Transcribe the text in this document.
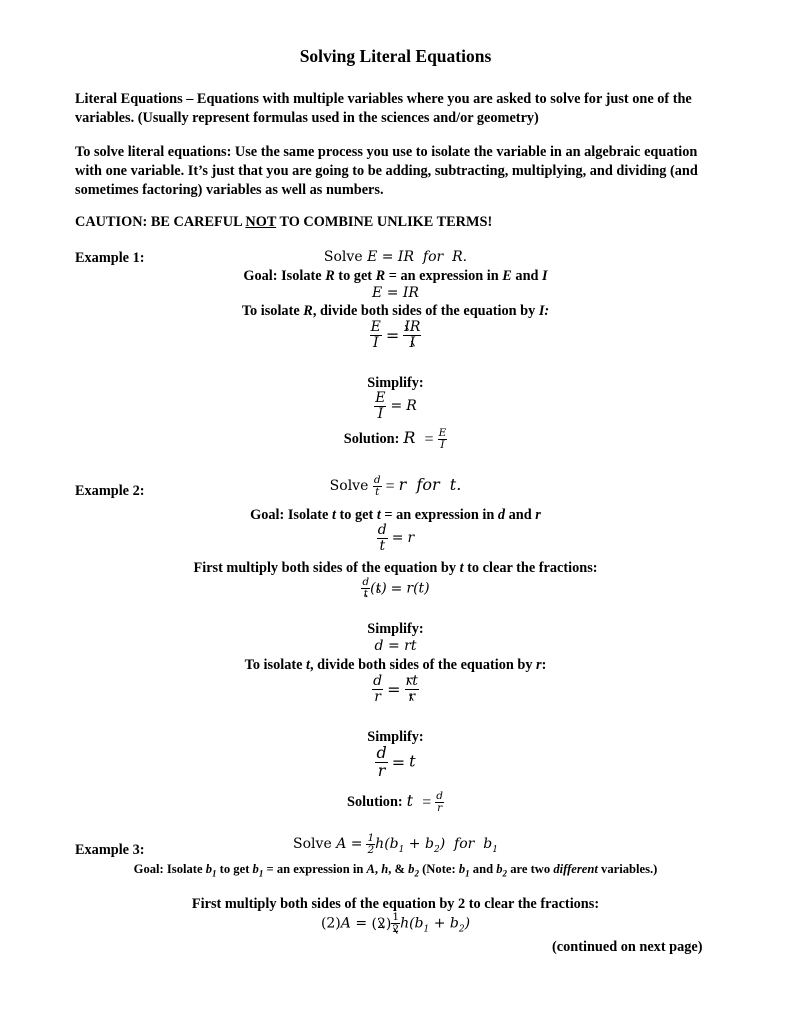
Solving Literal Equations
Literal Equations – Equations with multiple variables where you are asked to solve for just one of the variables. (Usually represent formulas used in the sciences and/or geometry)
To solve literal equations: Use the same process you use to isolate the variable in an algebraic equation with one variable. It’s just that you are going to be adding, subtracting, multiplying, and dividing (and sometimes factoring) variables as well as numbers.
CAUTION: BE CAREFUL NOT TO COMBINE UNLIKE TERMS!
Example 1:	Solve E = IR  for  R.
Goal: Isolate R to get R = an expression in E and I
E = IR
To isolate R, divide both sides of the equation by I:
$\frac{E}{I} = \frac{IR}{I}$
Simplify:
$\frac{E}{I} = R$
Solution: $R = \frac{E}{I}$
Example 2:	Solve $\frac{d}{t} = r$  for  t.
Goal: Isolate t to get t = an expression in d and r
$\frac{d}{t} = r$
First multiply both sides of the equation by t to clear the fractions:
$\frac{d}{t} (t) = r(t)$
Simplify:
d = rt
To isolate t, divide both sides of the equation by r:
$\frac{d}{r} = \frac{rt}{r}$
Simplify:
$\frac{d}{r} = t$
Solution: $t = \frac{d}{r}$
Example 3:	Solve $A = \frac{1}{2} h(b_1 + b_2)$  for  $b_1$
Goal: Isolate $b_1$ to get $b_1$ = an expression in A, h, & $b_2$ (Note: $b_1$ and $b_2$ are two different variables.)
First multiply both sides of the equation by 2 to clear the fractions:
$(2)A = (2) \frac{1}{2} h(b_1 + b_2)$
(continued on next page)
